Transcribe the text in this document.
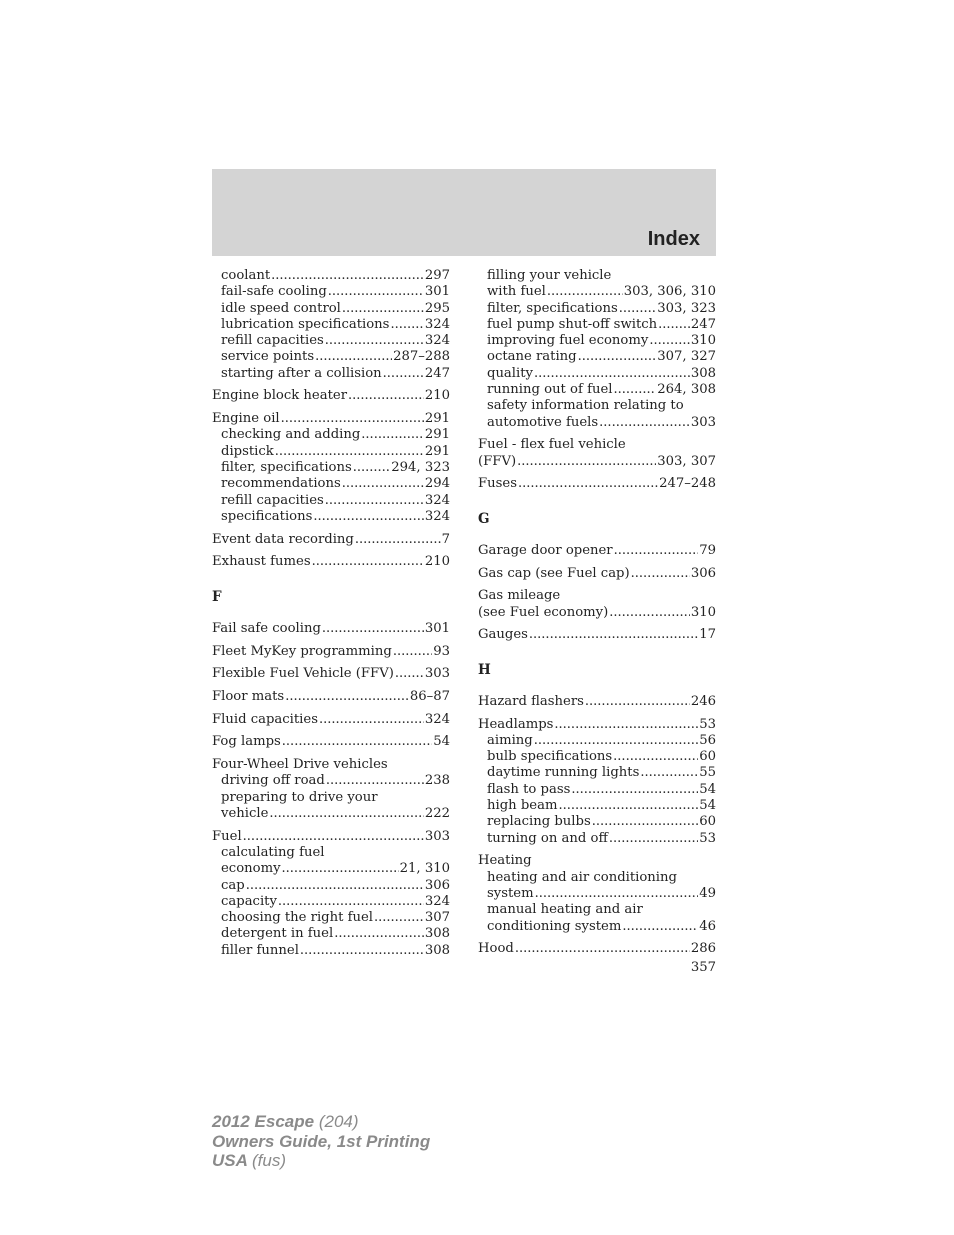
Index
coolant .....	297
fail-safe cooling .....	301
idle speed control .....	295
lubrication specifications .....	324
refill capacities .....	324
service points .....	287–288
starting after a collision .....	247
Engine block heater .....	210
Engine oil .....	291
checking and adding .....	291
dipstick .....	291
filter, specifications .....	294, 323
recommendations .....	294
refill capacities .....	324
specifications .....	324
Event data recording .....	7
Exhaust fumes .....	210
F
Fail safe cooling .....	301
Fleet MyKey programming .....	93
Flexible Fuel Vehicle (FFV) ..... 303
Floor mats .....	86–87
Fluid capacities .....	324
Fog lamps .....	54
Four-Wheel Drive vehicles
driving off road .....	238
preparing to drive your
vehicle .....	222
Fuel .....	303
calculating fuel
economy .....	21, 310
cap .....	306
capacity .....	324
choosing the right fuel .....	307
detergent in fuel .....	308
filler funnel .....	308
filling your vehicle
with fuel .....	303, 306, 310
filter, specifications .....	303, 323
fuel pump shut-off switch .....	247
improving fuel economy .....	310
octane rating .....	307, 327
quality .....	308
running out of fuel .....	264, 308
safety information relating to
automotive fuels .....	303
Fuel - flex fuel vehicle
(FFV) .....	303, 307
Fuses .....	247–248
G
Garage door opener .....	79
Gas cap (see Fuel cap) .....	306
Gas mileage
(see Fuel economy) .....	310
Gauges .....	17
H
Hazard flashers .....	246
Headlamps .....	53
aiming .....	56
bulb specifications .....	60
daytime running lights .....	55
flash to pass .....	54
high beam .....	54
replacing bulbs .....	60
turning on and off .....	53
Heating
heating and air conditioning
system .....	49
manual heating and air
conditioning system .....	46
Hood .....	286
357
2012 Escape (204)
Owners Guide, 1st Printing
USA (fus)
